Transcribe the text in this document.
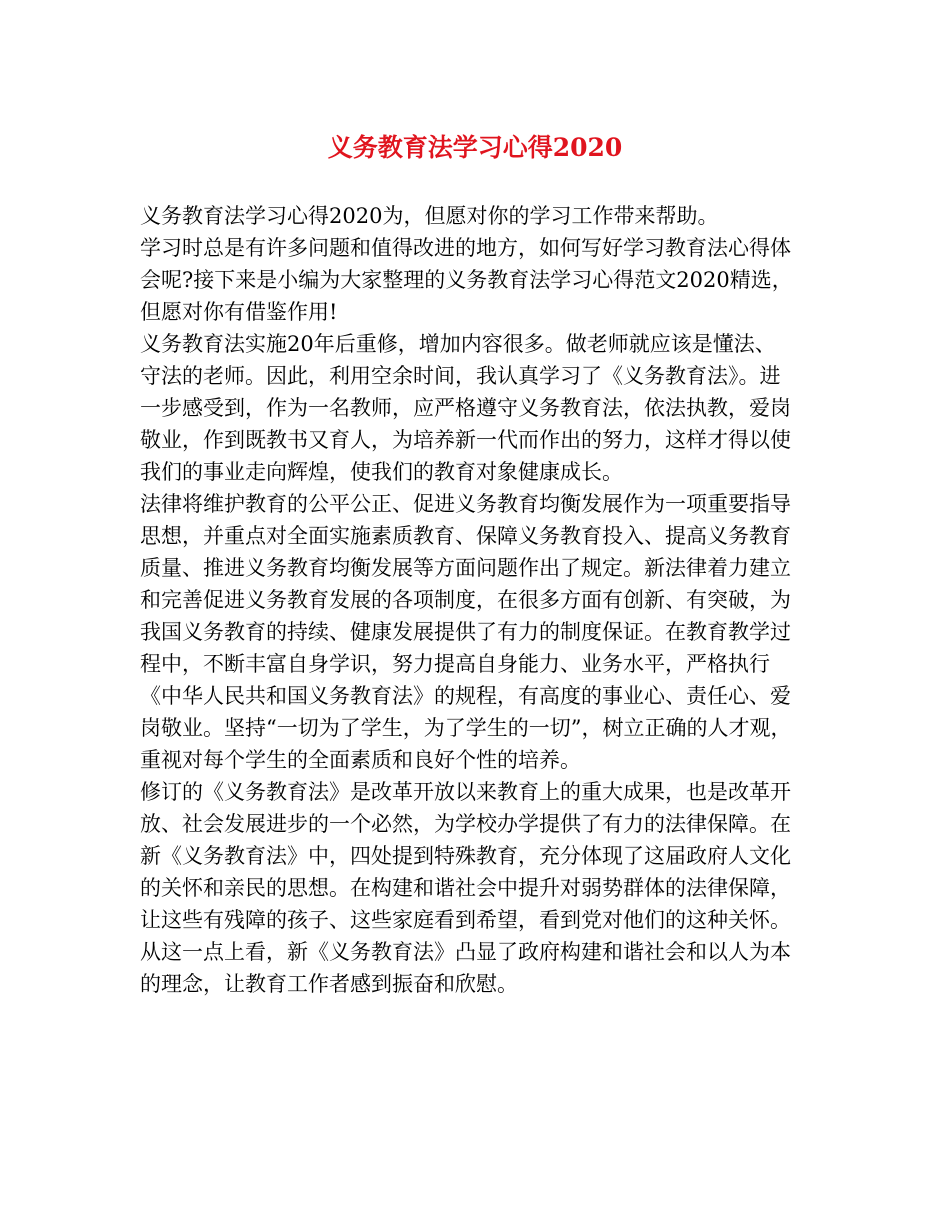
义务教育法学习心得2020
义务教育法学习心得2020为，但愿对你的学习工作带来帮助。
学习时总是有许多问题和值得改进的地方，如何写好学习教育法心得体
会呢?接下来是小编为大家整理的义务教育法学习心得范文2020精选，
但愿对你有借鉴作用!
义务教育法实施20年后重修，增加内容很多。做老师就应该是懂法、
守法的老师。因此，利用空余时间，我认真学习了《义务教育法》。进
一步感受到，作为一名教师，应严格遵守义务教育法，依法执教，爱岗
敬业，作到既教书又育人，为培养新一代而作出的努力，这样才得以使
我们的事业走向辉煌，使我们的教育对象健康成长。
法律将维护教育的公平公正、促进义务教育均衡发展作为一项重要指导
思想，并重点对全面实施素质教育、保障义务教育投入、提高义务教育
质量、推进义务教育均衡发展等方面问题作出了规定。新法律着力建立
和完善促进义务教育发展的各项制度，在很多方面有创新、有突破，为
我国义务教育的持续、健康发展提供了有力的制度保证。在教育教学过
程中，不断丰富自身学识，努力提高自身能力、业务水平，严格执行
《中华人民共和国义务教育法》的规程，有高度的事业心、责任心、爱
岗敬业。坚持“一切为了学生，为了学生的一切”，树立正确的人才观，
重视对每个学生的全面素质和良好个性的培养。
修订的《义务教育法》是改革开放以来教育上的重大成果，也是改革开
放、社会发展进步的一个必然，为学校办学提供了有力的法律保障。在
新《义务教育法》中，四处提到特殊教育，充分体现了这届政府人文化
的关怀和亲民的思想。在构建和谐社会中提升对弱势群体的法律保障，
让这些有残障的孩子、这些家庭看到希望，看到党对他们的这种关怀。
从这一点上看，新《义务教育法》凸显了政府构建和谐社会和以人为本
的理念，让教育工作者感到振奋和欣慰。
